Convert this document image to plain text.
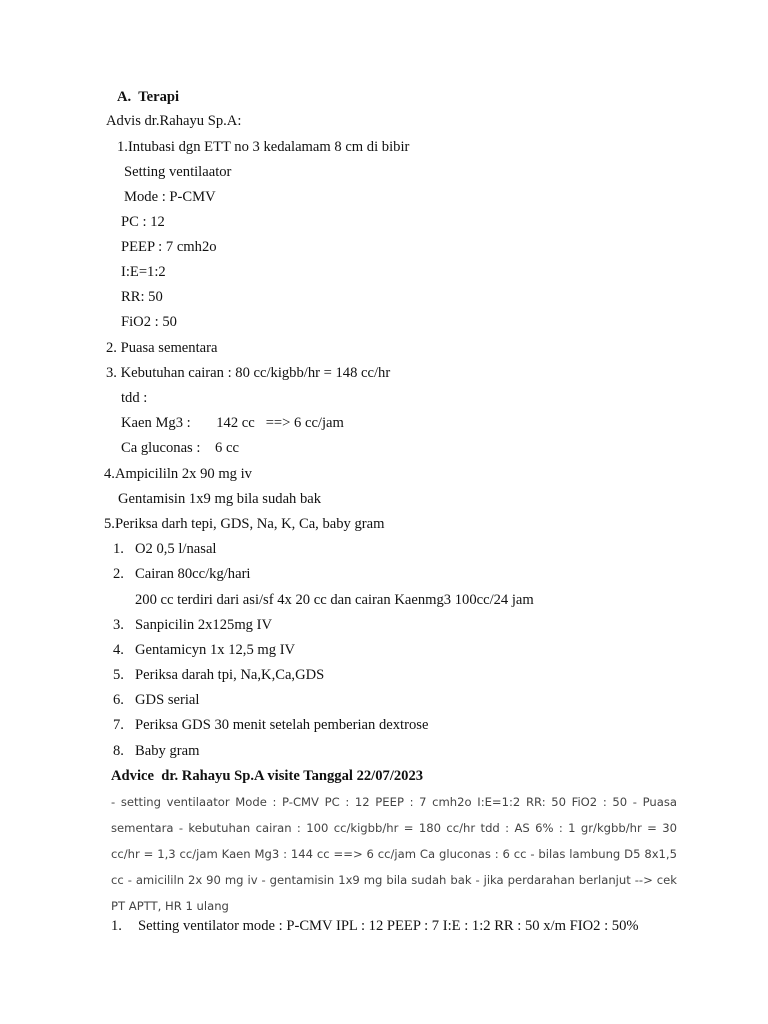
A. Terapi
Advis dr.Rahayu Sp.A:
1.Intubasi dgn ETT no 3 kedalamam 8 cm di bibir
Setting ventilaator
Mode : P-CMV
PC : 12
PEEP : 7 cmh2o
I:E=1:2
RR: 50
FiO2 : 50
2. Puasa sementara
3. Kebutuhan cairan : 80 cc/kigbb/hr = 148 cc/hr
tdd :
Kaen Mg3 :       142 cc   ==> 6 cc/jam
Ca gluconas :    6 cc
4.Ampicililn 2x 90 mg iv
Gentamisin 1x9 mg bila sudah bak
5.Periksa darh tepi, GDS, Na, K, Ca, baby gram
1. O2 0,5 l/nasal
2. Cairan 80cc/kg/hari
200 cc terdiri dari asi/sf 4x 20 cc dan cairan Kaenmg3 100cc/24 jam
3. Sanpicilin 2x125mg IV
4. Gentamicyn 1x 12,5 mg IV
5. Periksa darah tpi, Na,K,Ca,GDS
6. GDS serial
7. Periksa GDS 30 menit setelah pemberian dextrose
8. Baby gram
Advice  dr. Rahayu Sp.A visite Tanggal 22/07/2023
- setting ventilaator Mode : P-CMV PC : 12 PEEP : 7 cmh2o I:E=1:2 RR: 50 FiO2 : 50 - Puasa sementara - kebutuhan cairan : 100 cc/kigbb/hr = 180 cc/hr tdd : AS 6% : 1 gr/kgbb/hr = 30 cc/hr = 1,3 cc/jam Kaen Mg3 : 144 cc ==> 6 cc/jam Ca gluconas : 6 cc - bilas lambung D5 8x1,5 cc - amicililn 2x 90 mg iv - gentamisin 1x9 mg bila sudah bak - jika perdarahan berlanjut --> cek PT APTT, HR 1 ulang
1. Setting ventilator mode : P-CMV IPL : 12 PEEP : 7 I:E : 1:2 RR : 50 x/m FIO2 : 50%
